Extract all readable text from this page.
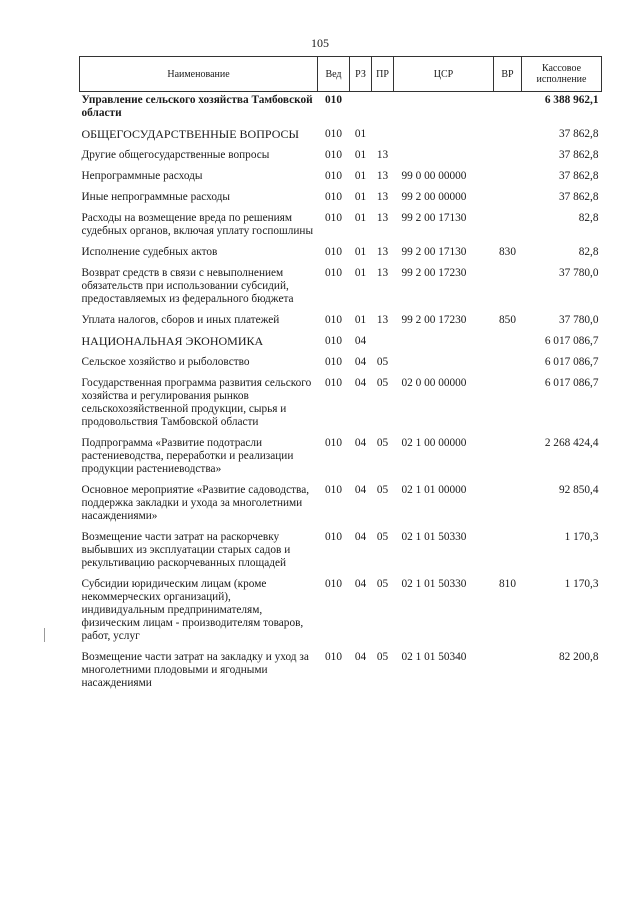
105
Наименование	Вед	РЗ	ПР	ЦСР	ВР	Кассовое
исполнение
Управление сельского хозяйства Тамбовской области	010					6 388 962,1
ОБЩЕГОСУДАРСТВЕННЫЕ ВОПРОСЫ	010	01				37 862,8
Другие общегосударственные вопросы	010	01	13			37 862,8
Непрограммные расходы	010	01	13	99 0 00 00000		37 862,8
Иные непрограммные расходы	010	01	13	99 2 00 00000		37 862,8
Расходы на возмещение вреда по решениям судебных органов, включая уплату госпошлины	010	01	13	99 2 00 17130		82,8
Исполнение судебных актов	010	01	13	99 2 00 17130	830	82,8
Возврат средств в связи с невыполнением обязательств при использовании субсидий, предоставляемых из федерального бюджета	010	01	13	99 2 00 17230		37 780,0
Уплата налогов, сборов и иных платежей	010	01	13	99 2 00 17230	850	37 780,0
НАЦИОНАЛЬНАЯ ЭКОНОМИКА	010	04				6 017 086,7
Сельское хозяйство и рыболовство	010	04	05			6 017 086,7
Государственная программа развития сельского хозяйства и регулирования рынков сельскохозяйственной продукции, сырья и продовольствия Тамбовской области	010	04	05	02 0 00 00000		6 017 086,7
Подпрограмма «Развитие подотрасли растениеводства, переработки и реализации продукции растениеводства»	010	04	05	02 1 00 00000		2 268 424,4
Основное мероприятие «Развитие садоводства, поддержка закладки и ухода за многолетними насаждениями»	010	04	05	02 1 01 00000		92 850,4
Возмещение части затрат на раскорчевку выбывших из эксплуатации старых садов и рекультивацию раскорчеванных площадей	010	04	05	02 1 01 50330		1 170,3
Субсидии юридическим лицам (кроме некоммерческих организаций), индивидуальным предпринимателям, физическим лицам - производителям товаров, работ, услуг	010	04	05	02 1 01 50330	810	1 170,3
Возмещение части затрат на закладку и уход за многолетними плодовыми и ягодными насаждениями	010	04	05	02 1 01 50340		82 200,8
